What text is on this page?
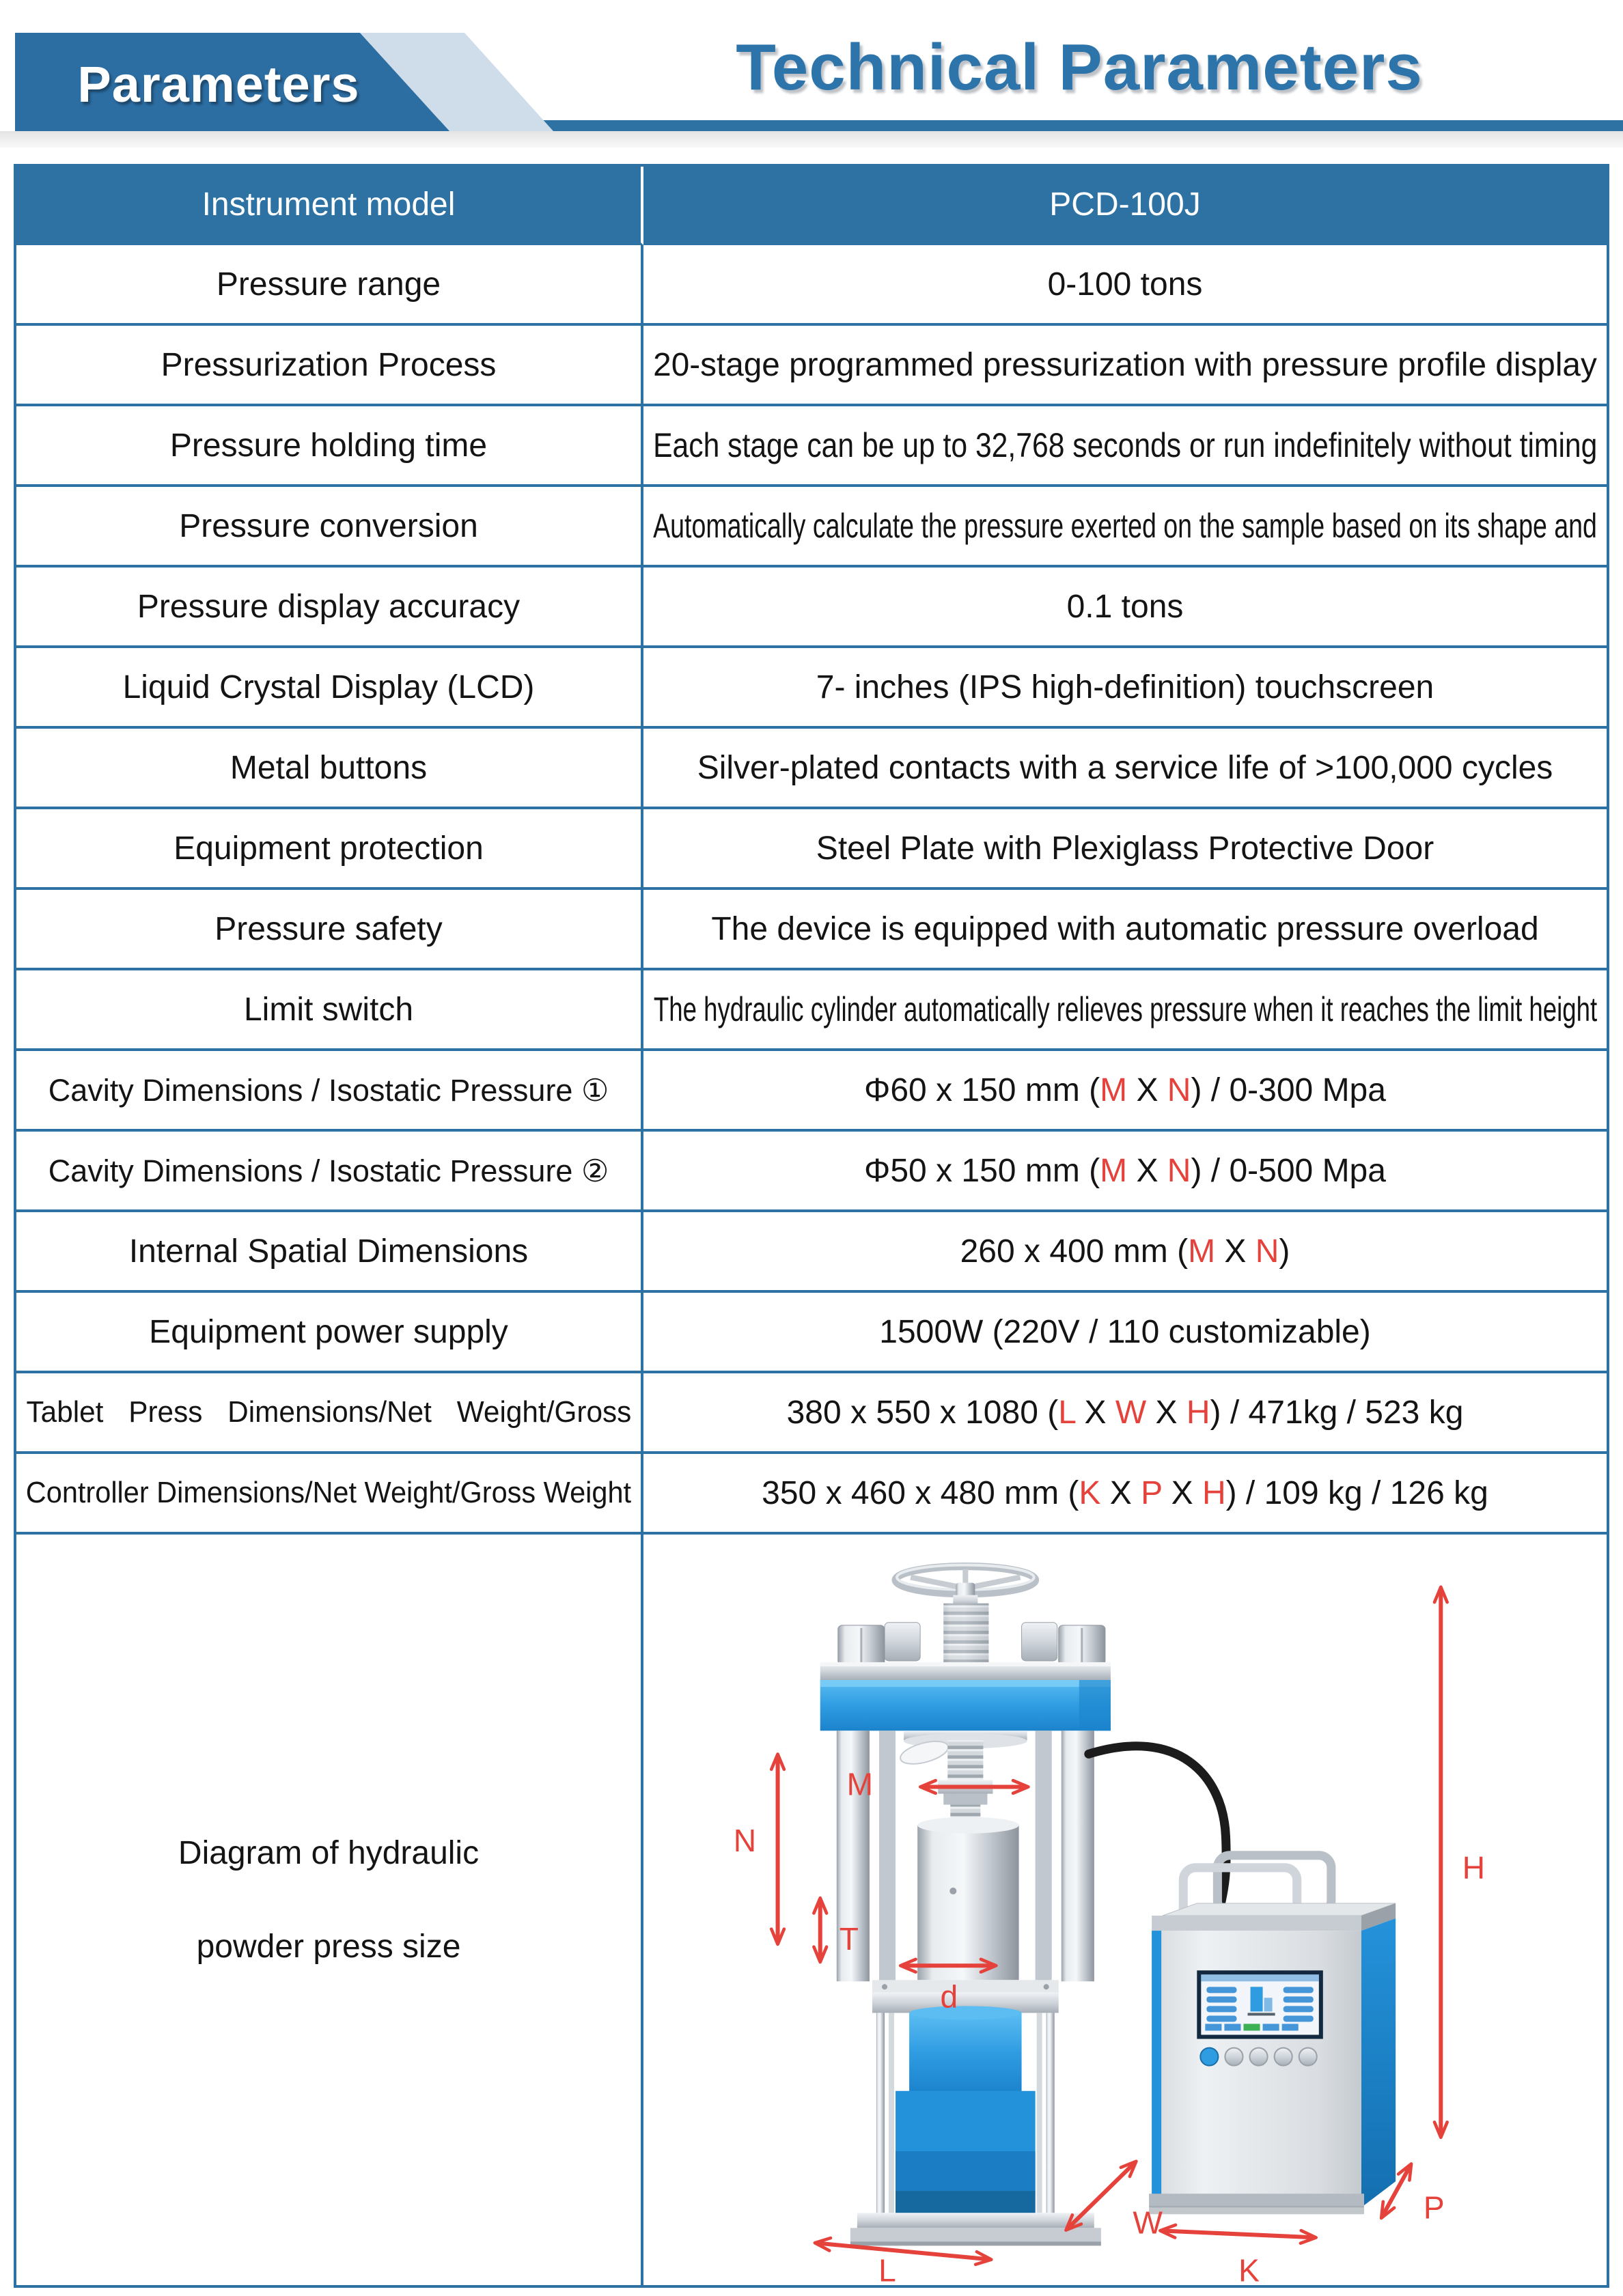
Parameters	Technical Parameters
Instrument model	PCD-100J
Pressure range	0-100 tons
Pressurization Process	20-stage programmed pressurization with pressure profile display
Pressure holding time	Each stage can be up to 32,768 seconds or run indefinitely without timing
Pressure conversion	Automatically calculate the pressure exerted on the sample based on its shape and
Pressure display accuracy	0.1 tons
Liquid Crystal Display (LCD)	7- inches (IPS high-definition) touchscreen
Metal buttons	Silver-plated contacts with a service life of >100,000 cycles
Equipment protection	Steel Plate with Plexiglass Protective Door
Pressure safety	The device is equipped with automatic pressure overload
Limit switch	The hydraulic cylinder automatically relieves pressure when it reaches the limit height
Cavity Dimensions / Isostatic Pressure ①	Φ60 x 150 mm (M X N) / 0-300 Mpa
Cavity Dimensions / Isostatic Pressure ②	Φ50 x 150 mm (M X N) / 0-500 Mpa
Internal Spatial Dimensions	260 x 400 mm (M X N)
Equipment power supply	1500W (220V / 110 customizable)
Tablet Press Dimensions/Net Weight/Gross	380 x 550 x 1080 (L X W X H) / 471kg / 523 kg
Controller Dimensions/Net Weight/Gross Weight	350 x 460 x 480 mm (K X P X H) / 109 kg / 126 kg
Diagram of hydraulic
powder press size
N
M
T
d
H
W
L	K
P
